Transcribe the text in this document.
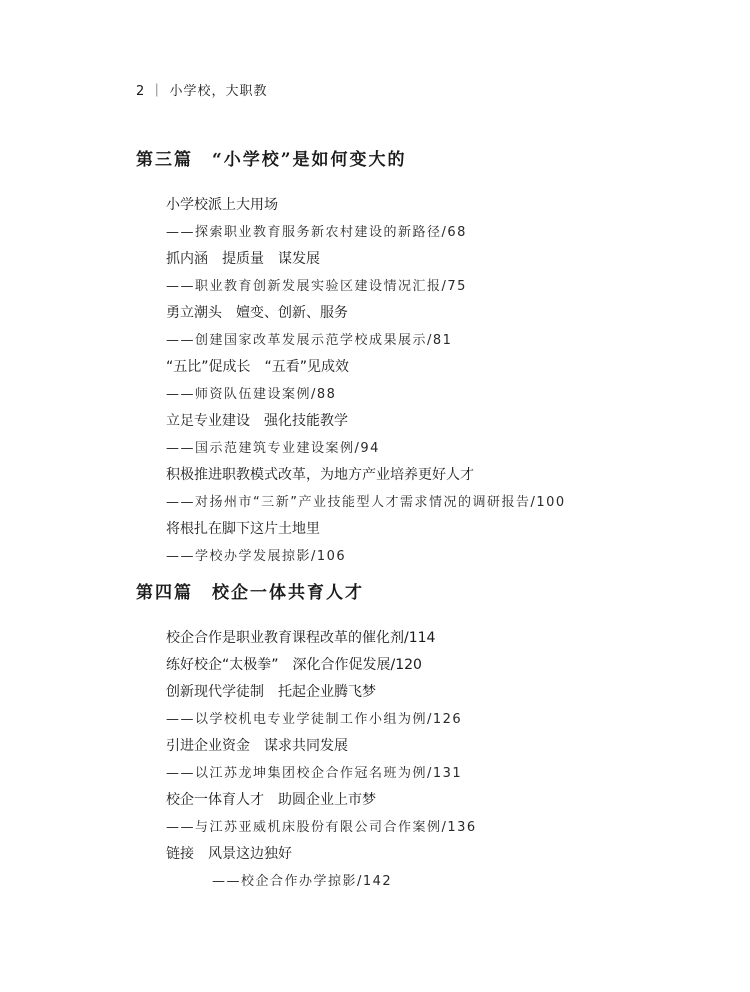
2 ｜ 小学校，大职教
第三篇　“小学校”是如何变大的
小学校派上大用场
——探索职业教育服务新农村建设的新路径/68
抓内涵　提质量　谋发展
——职业教育创新发展实验区建设情况汇报/75
勇立潮头　嬗变、创新、服务
——创建国家改革发展示范学校成果展示/81
“五比”促成长　“五看”见成效
——师资队伍建设案例/88
立足专业建设　强化技能教学
——国示范建筑专业建设案例/94
积极推进职教模式改革，为地方产业培养更好人才
——对扬州市“三新”产业技能型人才需求情况的调研报告/100
将根扎在脚下这片土地里
——学校办学发展掠影/106
第四篇　校企一体共育人才
校企合作是职业教育课程改革的催化剂/114
练好校企“太极拳”　深化合作促发展/120
创新现代学徒制　托起企业腾飞梦
——以学校机电专业学徒制工作小组为例/126
引进企业资金　谋求共同发展
——以江苏龙坤集团校企合作冠名班为例/131
校企一体育人才　助圆企业上市梦
——与江苏亚威机床股份有限公司合作案例/136
链接　风景这边独好
——校企合作办学掠影/142
